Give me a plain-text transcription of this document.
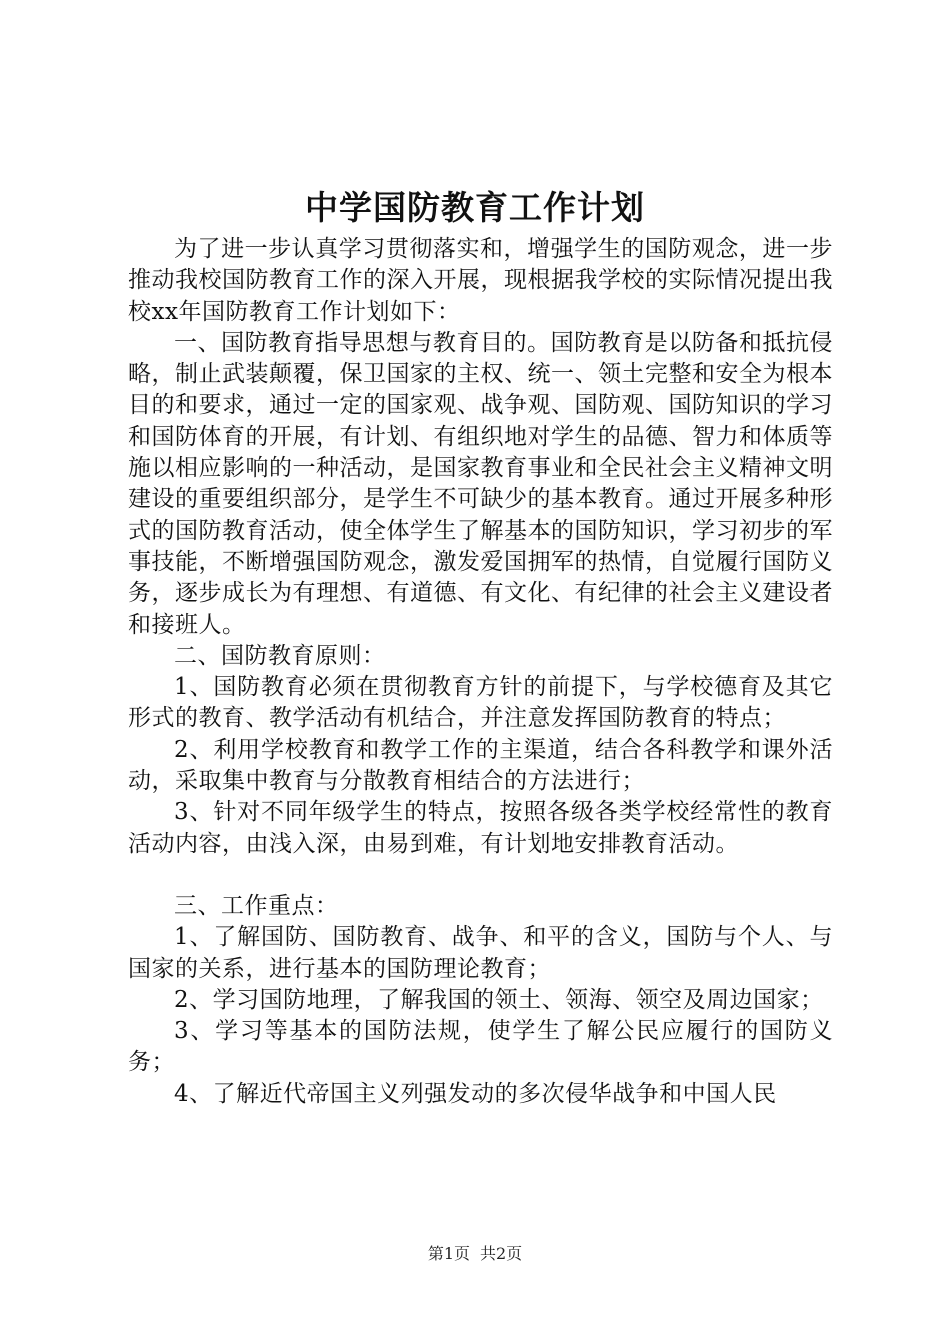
中学国防教育工作计划

为了进一步认真学习贯彻落实和，增强学生的国防观念，进一步推动我校国防教育工作的深入开展，现根据我学校的实际情况提出我校xx年国防教育工作计划如下：

一、国防教育指导思想与教育目的。国防教育是以防备和抵抗侵略，制止武装颠覆，保卫国家的主权、统一、领土完整和安全为根本目的和要求，通过一定的国家观、战争观、国防观、国防知识的学习和国防体育的开展，有计划、有组织地对学生的品德、智力和体质等施以相应影响的一种活动，是国家教育事业和全民社会主义精神文明建设的重要组织部分，是学生不可缺少的基本教育。通过开展多种形式的国防教育活动，使全体学生了解基本的国防知识，学习初步的军事技能，不断增强国防观念，激发爱国拥军的热情，自觉履行国防义务，逐步成长为有理想、有道德、有文化、有纪律的社会主义建设者和接班人。

二、国防教育原则：

1、国防教育必须在贯彻教育方针的前提下，与学校德育及其它形式的教育、教学活动有机结合，并注意发挥国防教育的特点；

2、利用学校教育和教学工作的主渠道，结合各科教学和课外活动，采取集中教育与分散教育相结合的方法进行；

3、针对不同年级学生的特点，按照各级各类学校经常性的教育活动内容，由浅入深，由易到难，有计划地安排教育活动。

三、工作重点：

1、了解国防、国防教育、战争、和平的含义，国防与个人、与国家的关系，进行基本的国防理论教育；

2、学习国防地理，了解我国的领土、领海、领空及周边国家；

3、学习等基本的国防法规，使学生了解公民应履行的国防义务；

4、了解近代帝国主义列强发动的多次侵华战争和中国人民

第1页 共2页
